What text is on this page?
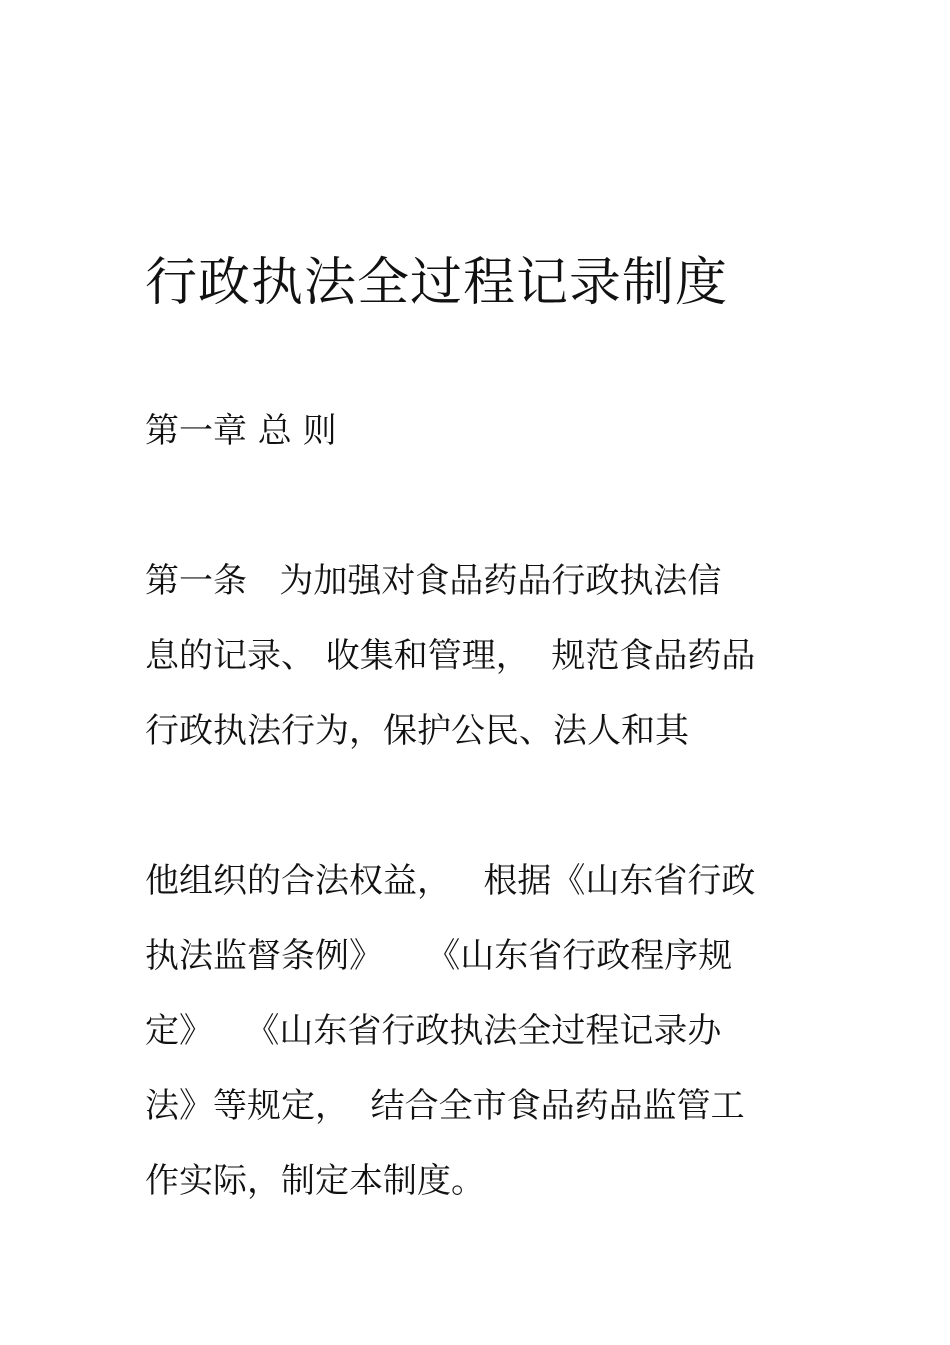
行政执法全过程记录制度
第一章 总 则
第一条   为加强对食品药品行政执法信
息的记录、 收集和管理，  规范食品药品
行政执法行为，保护公民、法人和其
他组织的合法权益，   根据《山东省行政
执法监督条例》    《山东省行政程序规
定》   《山东省行政执法全过程记录办
法》等规定，  结合全市食品药品监管工
作实际，制定本制度。
